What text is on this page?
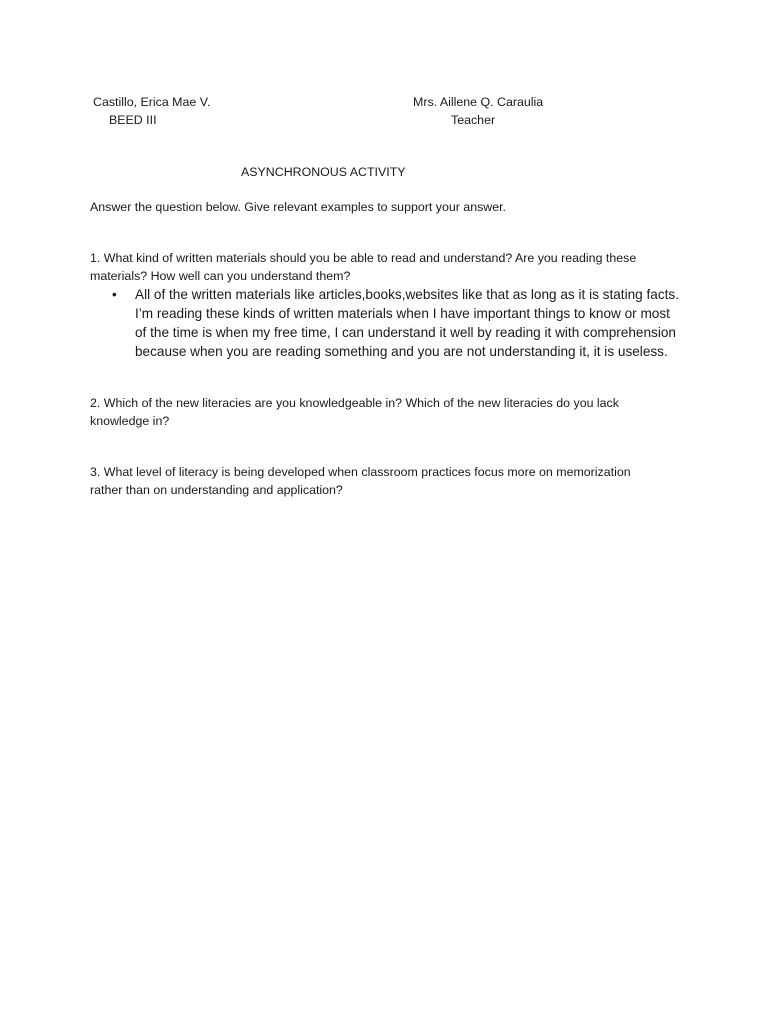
Castillo, Erica Mae V.
BEED III
Mrs. Aillene Q. Caraulia
Teacher
ASYNCHRONOUS ACTIVITY
Answer the question below. Give relevant examples to support your answer.
1. What kind of written materials should you be able to read and understand? Are you reading these
materials? How well can you understand them?
• All of the written materials like articles,books,websites like that as long as it is stating facts. I’m reading these kinds of written materials when I have important things to know or most of the time is when my free time, I can understand it well by reading it with comprehension because when you are reading something and you are not understanding it, it is useless.
2. Which of the new literacies are you knowledgeable in? Which of the new literacies do you lack
knowledge in?
3. What level of literacy is being developed when classroom practices focus more on memorization
rather than on understanding and application?
